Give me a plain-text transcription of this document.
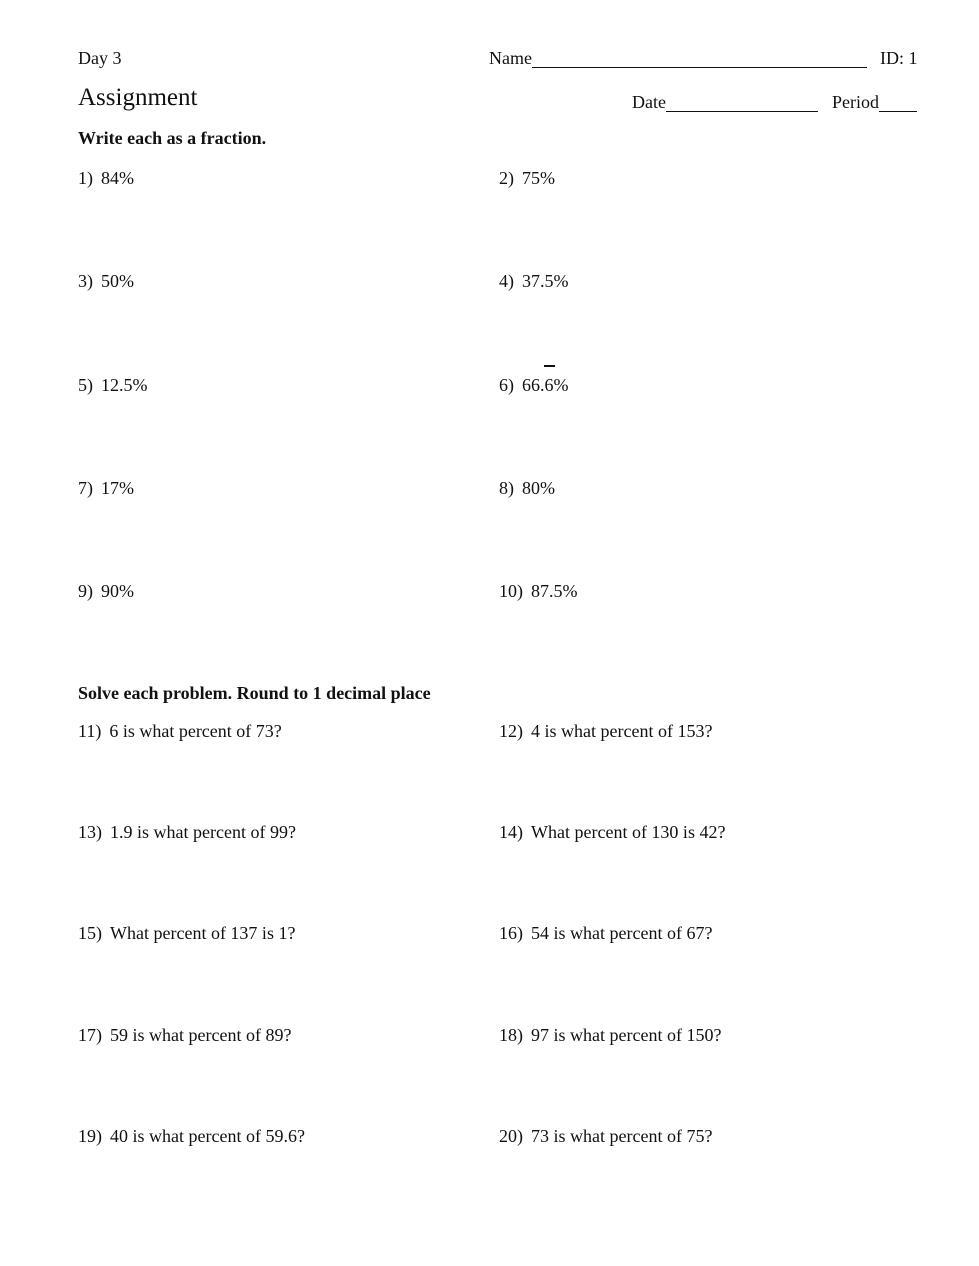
Day 3	Name	ID: 1
Assignment	Date	Period
Write each as a fraction.
1) 84%	2) 75%
3) 50%	4) 37.5%
5) 12.5%	6) 66.6%
7) 17%	8) 80%
9) 90%	10) 87.5%
Solve each problem. Round to 1 decimal place
11) 6 is what percent of 73?	12) 4 is what percent of 153?
13) 1.9 is what percent of 99?	14) What percent of 130 is 42?
15) What percent of 137 is 1?	16) 54 is what percent of 67?
17) 59 is what percent of 89?	18) 97 is what percent of 150?
19) 40 is what percent of 59.6?	20) 73 is what percent of 75?
